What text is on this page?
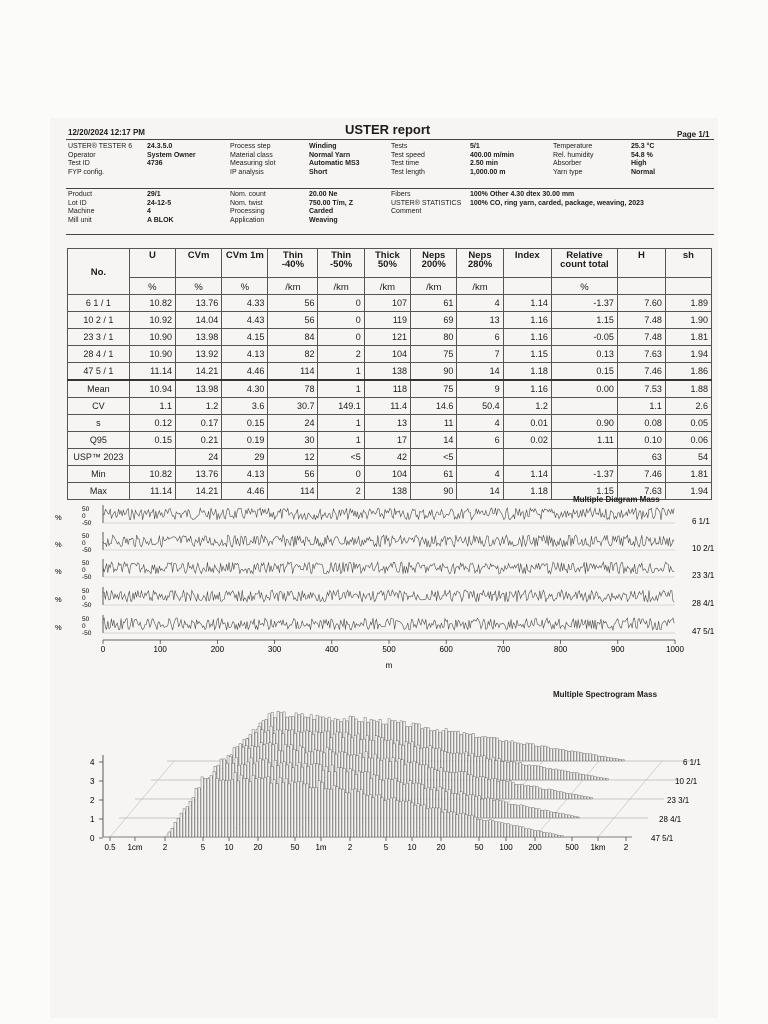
12/20/2024 12:17 PM	USTER report	Page 1/1
USTER® TESTER 6 24.3.5.0
Operator	System Owner
Test ID	4736
FYP config.
Product	29/1
Lot ID	24-12-5
Machine	4
Mill unit	A BLOK
Process step	Winding
Material class	Normal Yarn
Measuring slot	Automatic MS3
IP analysis	Short
Nom. count	20.00 Ne
Nom. twist	750.00 T/m, Z
Processing	Carded
Application	Weaving
Tests	5/1
Test speed	400.00 m/min
Test time	2.50 min
Test length	1,000.00 m
Temperature	25.3 °C
Rel. humidity	54.8 %
Absorber	High
Yarn type	Normal
Fibers	100% Other 4.30 dtex 30.00 mm
USTER® STATISTICS 100% CO, ring yarn, carded, package, weaving, 2023
Comment
No.	U	CVm	CVm 1m	Thin -40%	Thin -50%	Thick 50%	Neps 200%	Neps 280%	Index	Relative count total	H	sh
	%	%	%	/km	/km	/km	/km	/km		%		
6 1 / 1	10.82	13.76	4.33	56	0	107	61	4	1.14	-1.37	7.60	1.89
10 2 / 1	10.92	14.04	4.43	56	0	119	69	13	1.16	1.15	7.48	1.90
23 3 / 1	10.90	13.98	4.15	84	0	121	80	6	1.16	-0.05	7.48	1.81
28 4 / 1	10.90	13.92	4.13	82	2	104	75	7	1.15	0.13	7.63	1.94
47 5 / 1	11.14	14.21	4.46	114	1	138	90	14	1.18	0.15	7.46	1.86
Mean	10.94	13.98	4.30	78	1	118	75	9	1.16	0.00	7.53	1.88
CV	1.1	1.2	3.6	30.7	149.1	11.4	14.6	50.4	1.2		1.1	2.6
s	0.12	0.17	0.15	24	1	13	11	4	0.01	0.90	0.08	0.05
Q95	0.15	0.21	0.19	30	1	17	14	6	0.02	1.11	0.10	0.06
USP™ 2023		24	29	12	<5	42	<5				63	54
Min	10.82	13.76	4.13	56	0	104	61	4	1.14	-1.37	7.46	1.81
Max	11.14	14.21	4.46	114	2	138	90	14	1.18	1.15	7.63	1.94
Multiple Diagram Mass
%
50
0
-50	6 1/1
%
50
0
-50	10 2/1
%
50
0
-50	23 3/1
%
50
0
-50	28 4/1
%
50
0
-50	47 5/1
0	100	200	300	400	500	600	700	800	900	1000
m
Multiple Spectrogram Mass
4
3
2
1
0
0.5 1cm	2	5 10	20	50 1m	2	5 10	20	50 100 200	500 1km 2
6 1/1
10 2/1
23 3/1
28 4/1
47 5/1
